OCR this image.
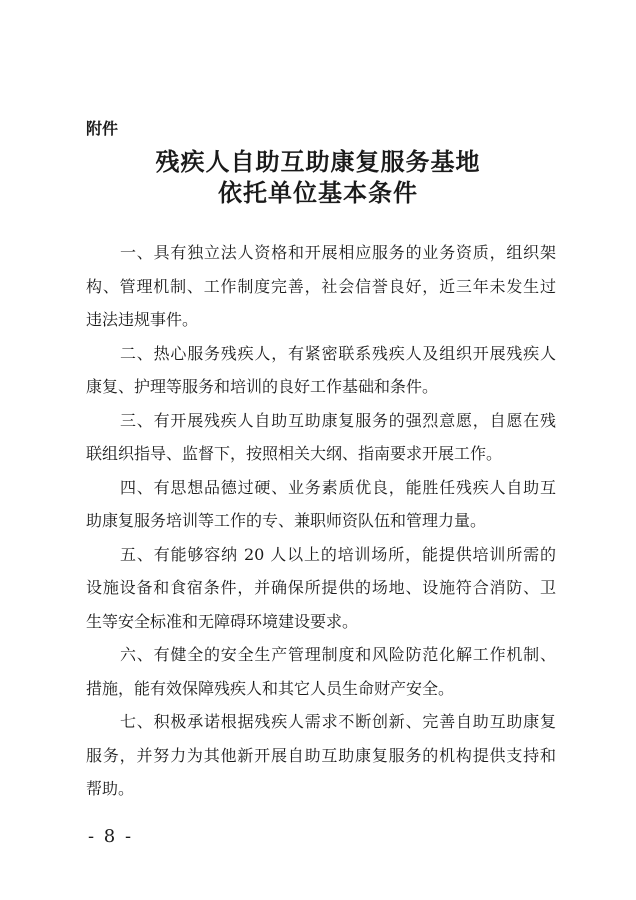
附件
残疾人自助互助康复服务基地
依托单位基本条件
一、具有独立法人资格和开展相应服务的业务资质，组织架
构、管理机制、工作制度完善，社会信誉良好，近三年未发生过
违法违规事件。
二、热心服务残疾人，有紧密联系残疾人及组织开展残疾人
康复、护理等服务和培训的良好工作基础和条件。
三、有开展残疾人自助互助康复服务的强烈意愿，自愿在残
联组织指导、监督下，按照相关大纲、指南要求开展工作。
四、有思想品德过硬、业务素质优良，能胜任残疾人自助互
助康复服务培训等工作的专、兼职师资队伍和管理力量。
五、有能够容纳 20 人以上的培训场所，能提供培训所需的
设施设备和食宿条件，并确保所提供的场地、设施符合消防、卫
生等安全标准和无障碍环境建设要求。
六、有健全的安全生产管理制度和风险防范化解工作机制、
措施，能有效保障残疾人和其它人员生命财产安全。
七、积极承诺根据残疾人需求不断创新、完善自助互助康复
服务，并努力为其他新开展自助互助康复服务的机构提供支持和
帮助。
- 8 -
